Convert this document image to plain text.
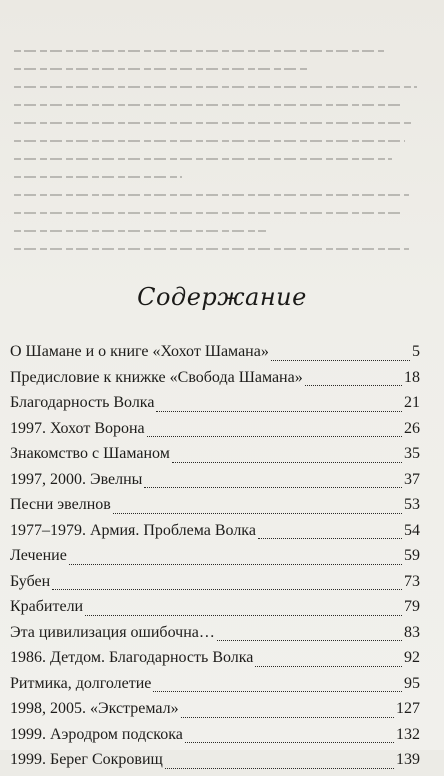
Содержание
О Шамане и о книге «Хохот Шамана»	5
Предисловие к книжке «Свобода Шамана»	18
Благодарность Волка	21
1997. Хохот Ворона	26
Знакомство с Шаманом	35
1997, 2000. Эвелны	37
Песни эвелнов	53
1977–1979. Армия. Проблема Волка	54
Лечение	59
Бубен	73
Крабители	79
Эта цивилизация ошибочна…	83
1986. Детдом. Благодарность Волка	92
Ритмика, долголетие	95
1998, 2005. «Экстремал»	127
1999. Аэродром подскока	132
1999. Берег Сокровищ	139
